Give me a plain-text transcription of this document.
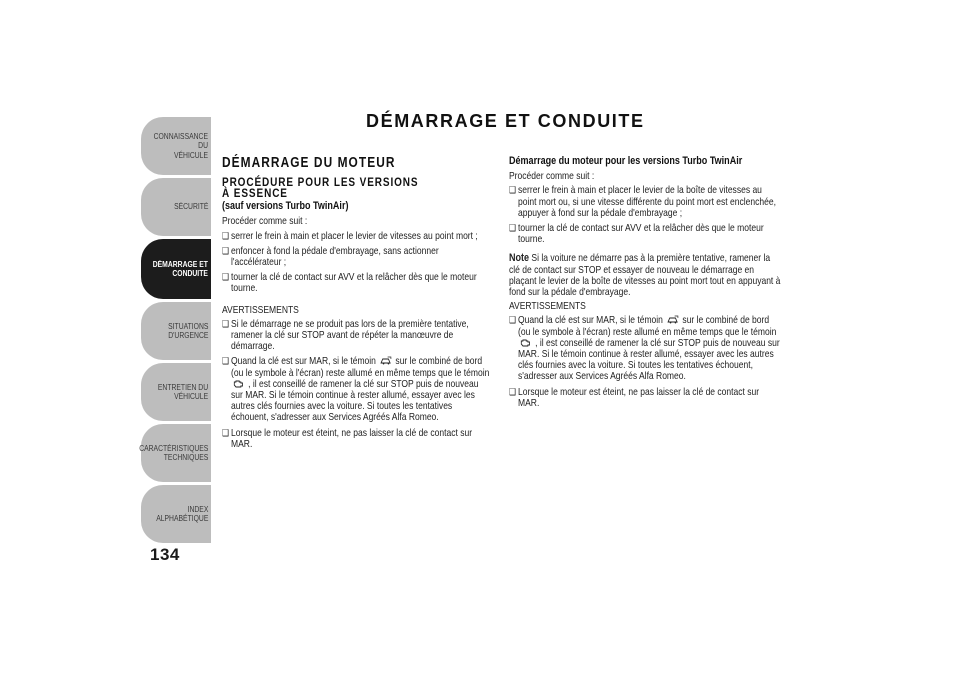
CONNAISSANCE DU
VÉHICULE
SÉCURITÉ
DÉMARRAGE ET
CONDUITE
SITUATIONS
D'URGENCE
ENTRETIEN DU
VÉHICULE
CARACTÉRISTIQUES
TECHNIQUES
INDEX
ALPHABÉTIQUE
134
DÉMARRAGE ET CONDUITE
DÉMARRAGE DU MOTEUR
PROCÉDURE POUR LES VERSIONS
À ESSENCE
(sauf versions Turbo TwinAir)
Procéder comme suit :
❑ serrer le frein à main et placer le levier de vitesses au point mort ;
❑ enfoncer à fond la pédale d'embrayage, sans actionner l'accélérateur ;
❑ tourner la clé de contact sur AVV et la relâcher dès que le moteur tourne.
AVERTISSEMENTS
❑ Si le démarrage ne se produit pas lors de la première tentative, ramener la clé sur STOP avant de répéter la manœuvre de démarrage.
❑ Quand la clé est sur MAR, si le témoin sur le combiné de bord (ou le symbole à l'écran) reste allumé en même temps que le témoin  , il est conseillé de ramener la clé sur STOP puis de nouveau sur MAR. Si le témoin continue à rester allumé, essayer avec les autres clés fournies avec la voiture. Si toutes les tentatives échouent, s'adresser aux Services Agréés Alfa Romeo.
❑ Lorsque le moteur est éteint, ne pas laisser la clé de contact sur MAR.
Démarrage du moteur pour les versions Turbo TwinAir
Procéder comme suit :
❑ serrer le frein à main et placer le levier de la boîte de vitesses au point mort ou, si une vitesse différente du point mort est enclenchée, appuyer à fond sur la pédale d'embrayage ;
❑ tourner la clé de contact sur AVV et la relâcher dès que le moteur tourne.
Note Si la voiture ne démarre pas à la première tentative, ramener la clé de contact sur STOP et essayer de nouveau le démarrage en plaçant le levier de la boîte de vitesses au point mort tout en appuyant à fond sur la pédale d'embrayage.
AVERTISSEMENTS
❑ Quand la clé est sur MAR, si le témoin sur le combiné de bord (ou le symbole à l'écran) reste allumé en même temps que le témoin  , il est conseillé de ramener la clé sur STOP puis de nouveau sur MAR. Si le témoin continue à rester allumé, essayer avec les autres clés fournies avec la voiture. Si toutes les tentatives échouent, s'adresser aux Services Agréés Alfa Romeo.
❑ Lorsque le moteur est éteint, ne pas laisser la clé de contact sur MAR.
